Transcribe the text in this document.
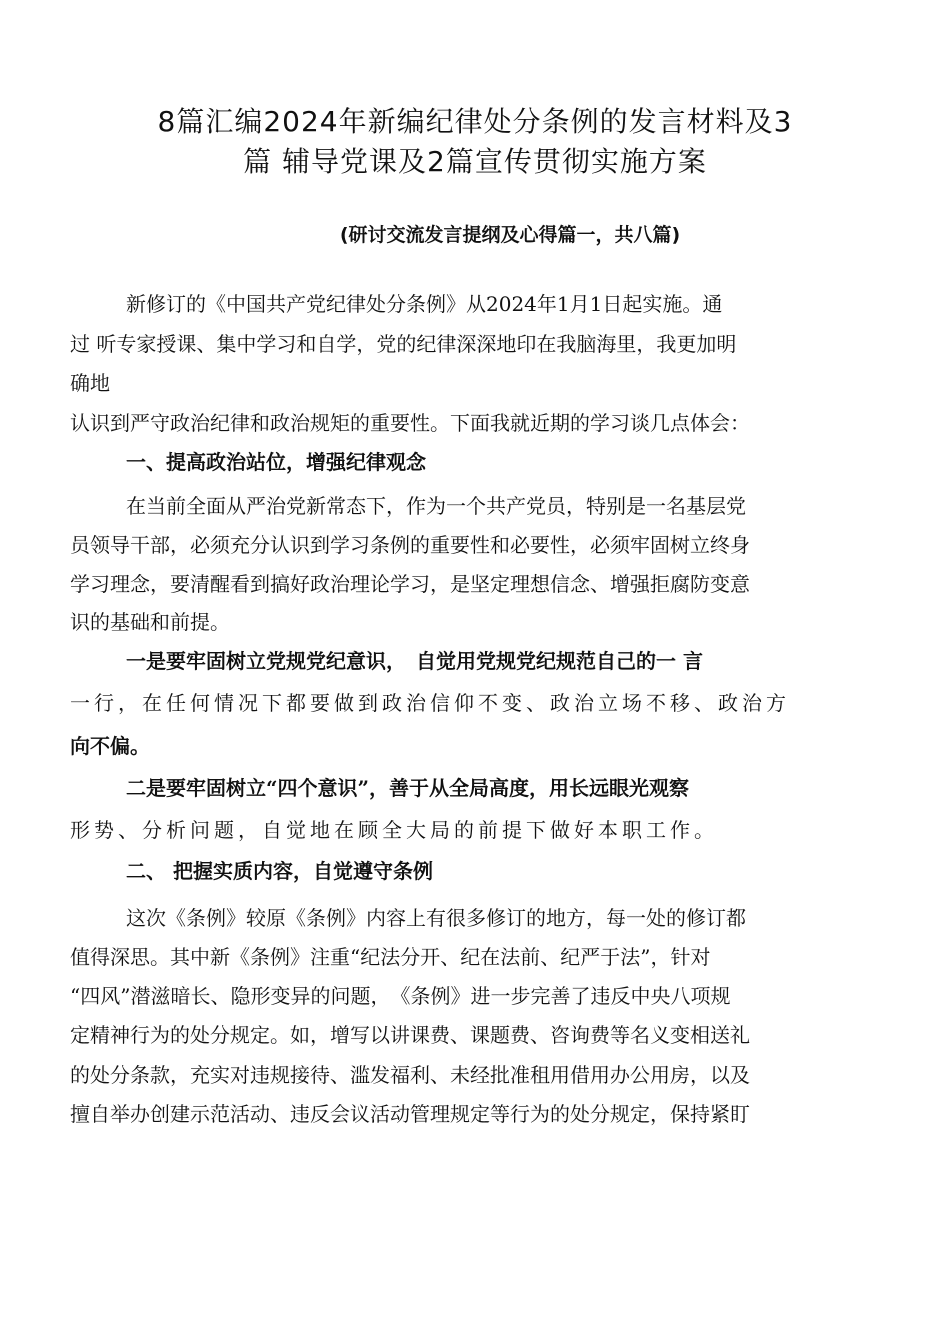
8篇汇编2024年新编纪律处分条例的发言材料及3
篇 辅导党课及2篇宣传贯彻实施方案
(研讨交流发言提纲及心得篇一，共八篇)
新修订的《中国共产党纪律处分条例》从2024年1月1日起实施。通
过 听专家授课、集中学习和自学，党的纪律深深地印在我脑海里，我更加明
确地
认识到严守政治纪律和政治规矩的重要性。下面我就近期的学习谈几点体会：
一、提高政治站位，增强纪律观念
在当前全面从严治党新常态下，作为一个共产党员，特别是一名基层党
员领导干部，必须充分认识到学习条例的重要性和必要性，必须牢固树立终身
学习理念，要清醒看到搞好政治理论学习，是坚定理想信念、增强拒腐防变意
识的基础和前提。
一是要牢固树立党规党纪意识，　自觉用党规党纪规范自己的一 言
一行，在任何情况下都要做到政治信仰不变、政治立场不移、政治方
向不偏。
二是要牢固树立“四个意识”，善于从全局高度，用长远眼光观察
形势、分析问题，自觉地在顾全大局的前提下做好本职工作。
二、 把握实质内容，自觉遵守条例
这次《条例》较原《条例》内容上有很多修订的地方，每一处的修订都
值得深思。其中新《条例》注重“纪法分开、纪在法前、纪严于法”，针对
“四风”潜滋暗长、隐形变异的问题，　《条例》进一步完善了违反中央八项规
定精神行为的处分规定。如，增写以讲课费、课题费、咨询费等名义变相送礼
的处分条款，充实对违规接待、滥发福利、未经批准租用借用办公用房，以及
擅自举办创建示范活动、违反会议活动管理规定等行为的处分规定，保持紧盯
